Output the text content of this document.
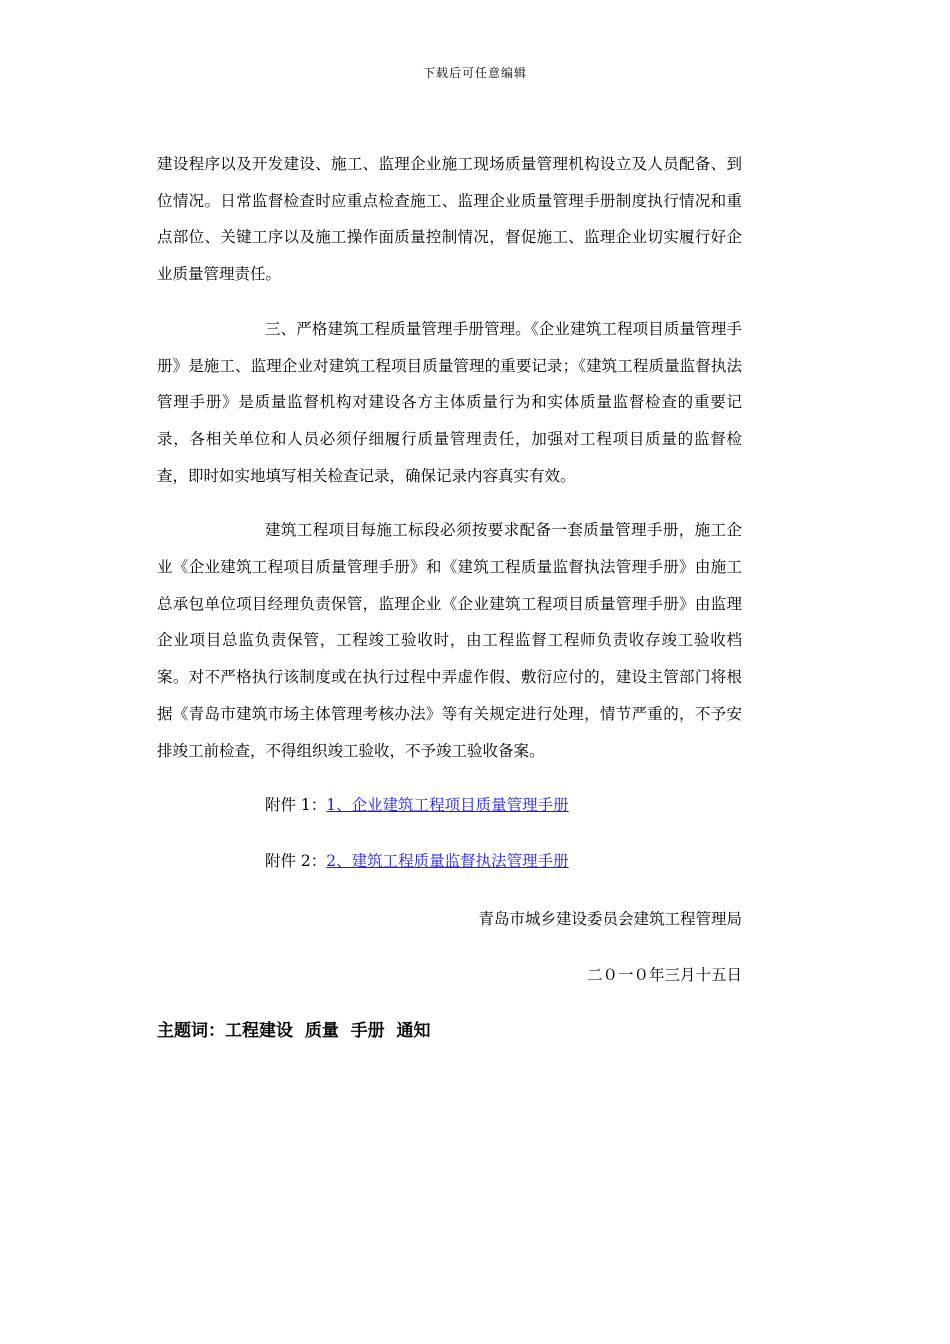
下载后可任意编辑

建设程序以及开发建设、施工、监理企业施工现场质量管理机构设立及人员配备、到位情况。日常监督检查时应重点检查施工、监理企业质量管理手册制度执行情况和重点部位、关键工序以及施工操作面质量控制情况，督促施工、监理企业切实履行好企业质量管理责任。

三、严格建筑工程质量管理手册管理。《企业建筑工程项目质量管理手册》是施工、监理企业对建筑工程项目质量管理的重要记录；《建筑工程质量监督执法管理手册》是质量监督机构对建设各方主体质量行为和实体质量监督检查的重要记录，各相关单位和人员必须仔细履行质量管理责任，加强对工程项目质量的监督检查，即时如实地填写相关检查记录，确保记录内容真实有效。

建筑工程项目每施工标段必须按要求配备一套质量管理手册，施工企业《企业建筑工程项目质量管理手册》和《建筑工程质量监督执法管理手册》由施工总承包单位项目经理负责保管，监理企业《企业建筑工程项目质量管理手册》由监理企业项目总监负责保管，工程竣工验收时，由工程监督工程师负责收存竣工验收档案。对不严格执行该制度或在执行过程中弄虚作假、敷衍应付的，建设主管部门将根据《青岛市建筑市场主体管理考核办法》等有关规定进行处理，情节严重的，不予安排竣工前检查，不得组织竣工验收，不予竣工验收备案。

附件 1：1、企业建筑工程项目质量管理手册

附件 2：2、建筑工程质量监督执法管理手册

青岛市城乡建设委员会建筑工程管理局

二０一０年三月十五日

主题词：工程建设  质量  手册  通知
